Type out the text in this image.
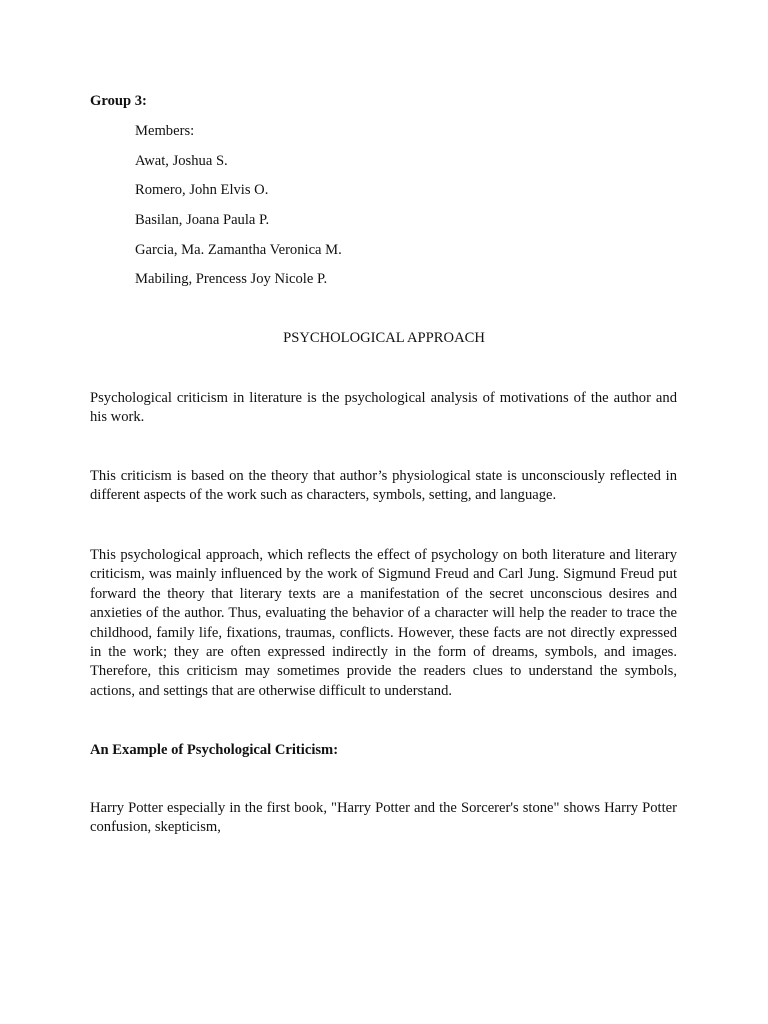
Group 3:
Members:
Awat, Joshua S.
Romero, John Elvis O.
Basilan, Joana Paula P.
Garcia, Ma. Zamantha Veronica M.
Mabiling, Prencess Joy Nicole P.
PSYCHOLOGICAL APPROACH

Psychological criticism in literature is the psychological analysis of motivations of the author and his work.

This criticism is based on the theory that author’s physiological state is unconsciously reflected in different aspects of the work such as characters, symbols, setting, and language.

This psychological approach, which reflects the effect of psychology on both literature and literary criticism, was mainly influenced by the work of Sigmund Freud and Carl Jung. Sigmund Freud put forward the theory that literary texts are a manifestation of the secret unconscious desires and anxieties of the author. Thus, evaluating the behavior of a character will help the reader to trace the childhood, family life, fixations, traumas, conflicts. However, these facts are not directly expressed in the work; they are often expressed indirectly in the form of dreams, symbols, and images. Therefore, this criticism may sometimes provide the readers clues to understand the symbols, actions, and settings that are otherwise difficult to understand.

An Example of Psychological Criticism:

Harry Potter especially in the first book, "Harry Potter and the Sorcerer's stone" shows Harry Potter confusion, skepticism,
